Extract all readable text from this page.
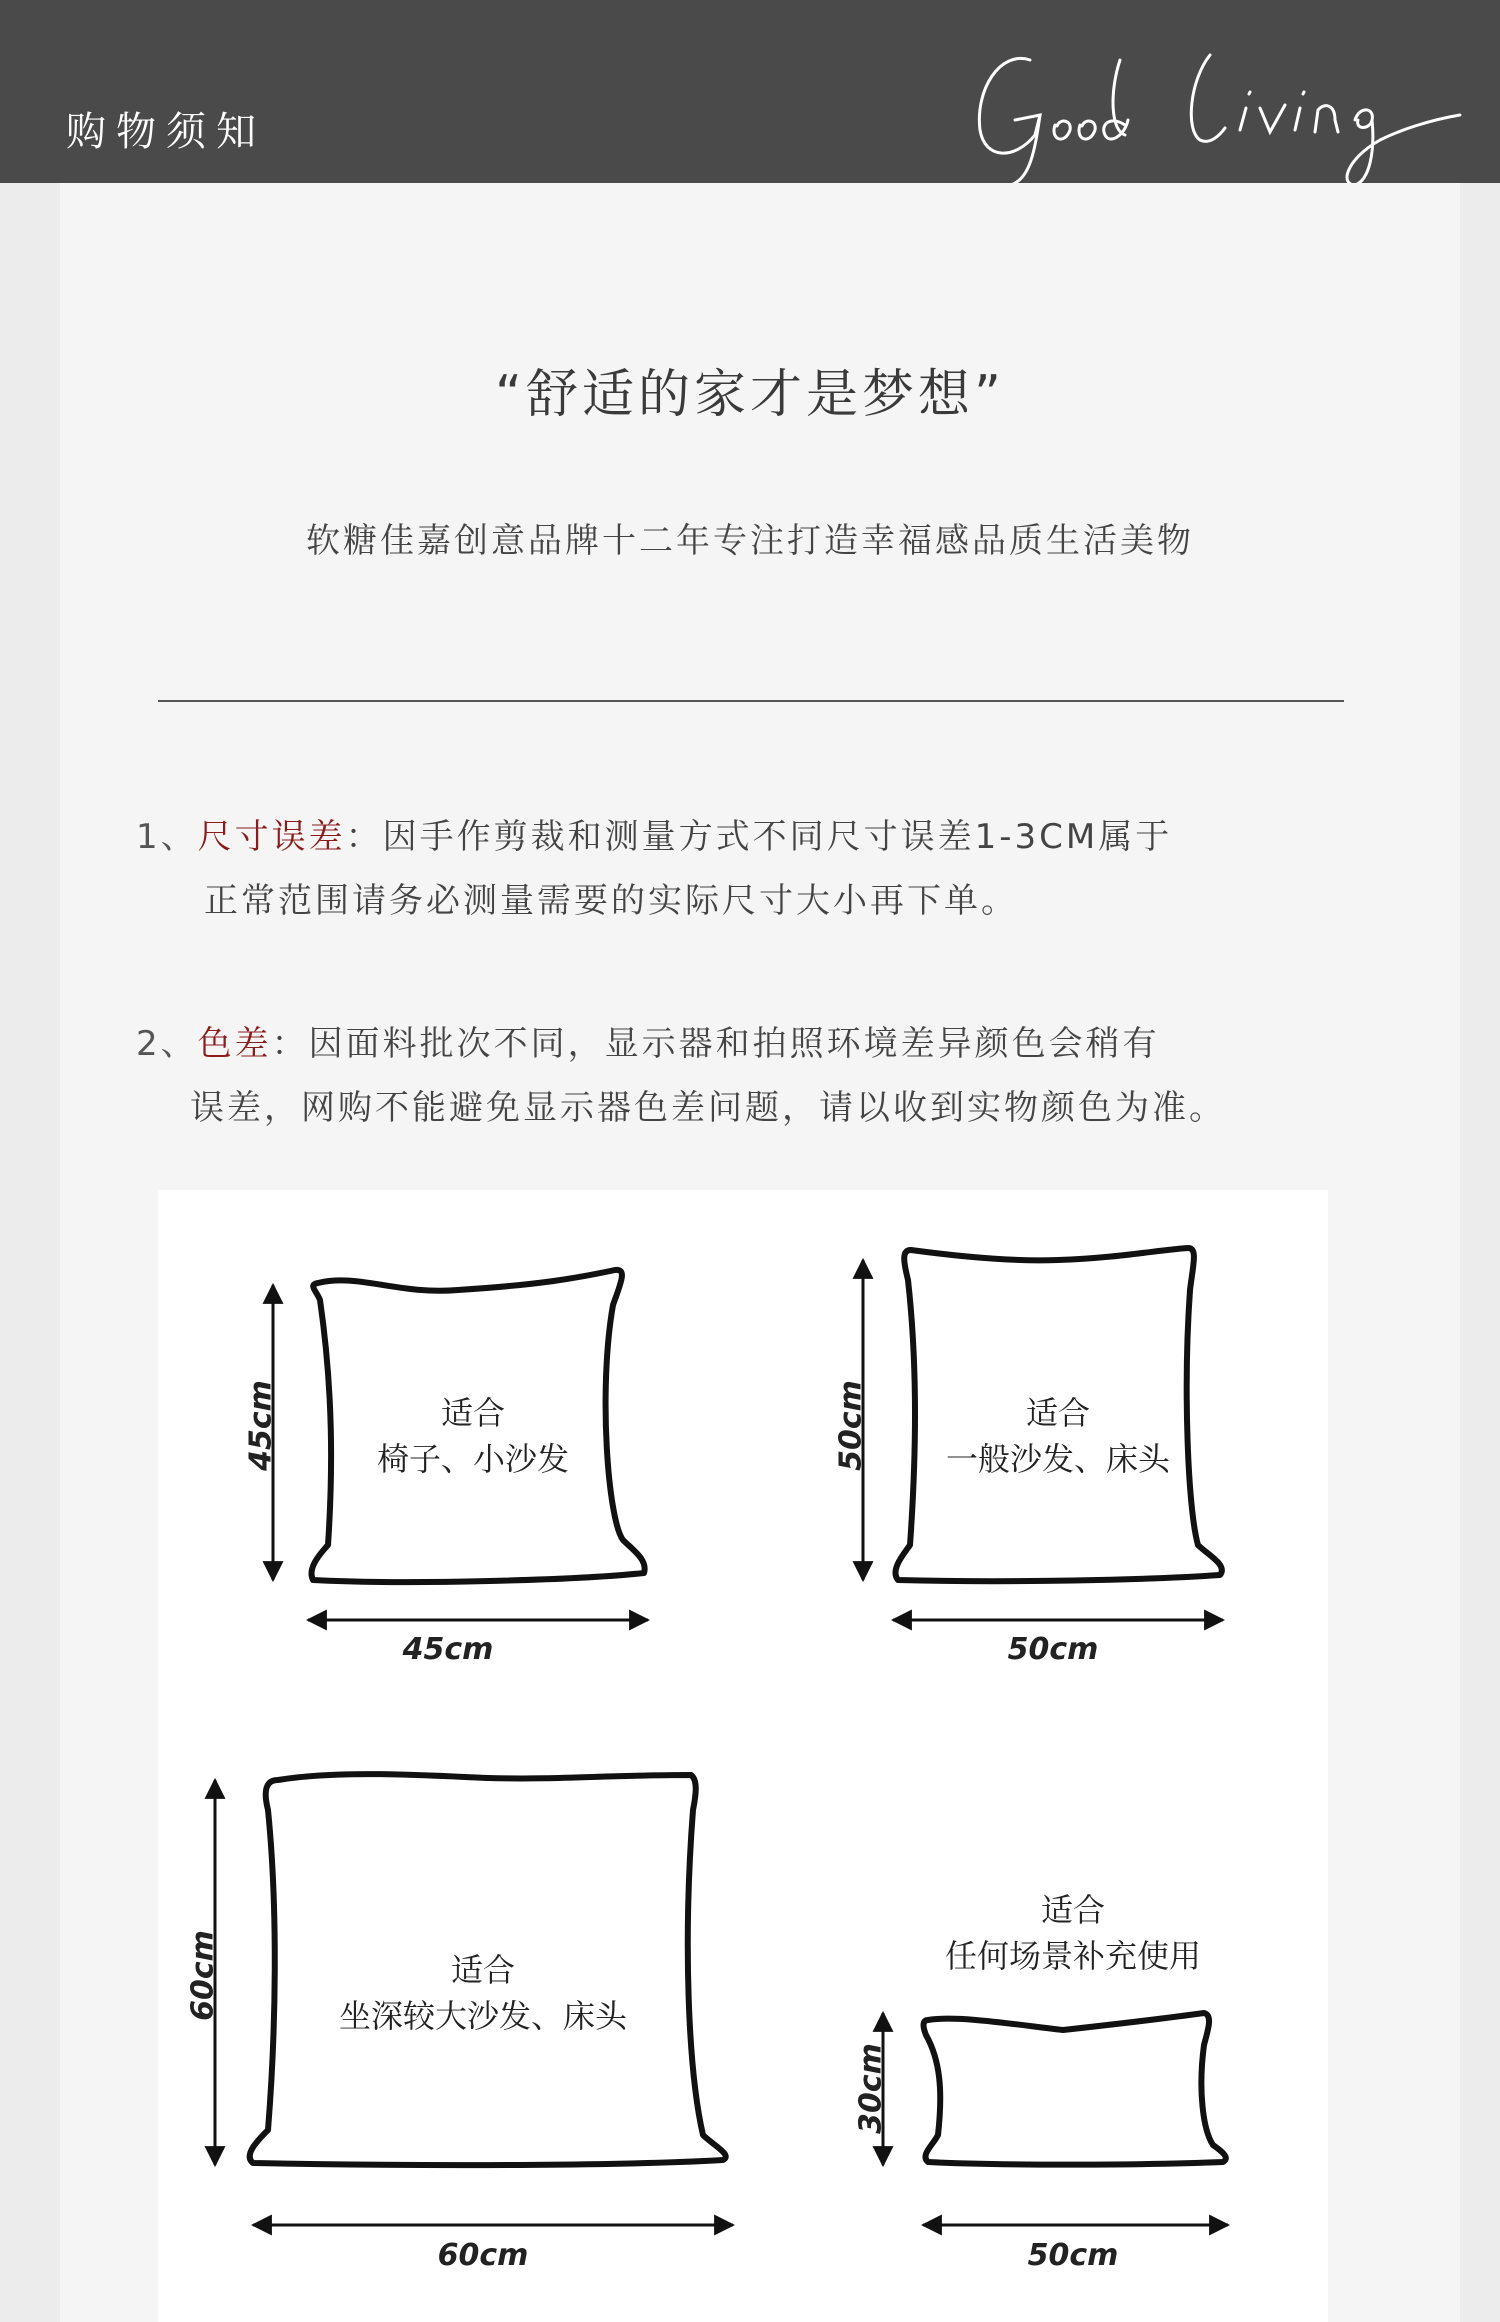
购物须知
“舒适的家才是梦想”
软糖佳嘉创意品牌十二年专注打造幸福感品质生活美物
1、尺寸误差：因手作剪裁和测量方式不同尺寸误差1-3CM属于
正常范围请务必测量需要的实际尺寸大小再下单。
2、色差：因面料批次不同，显示器和拍照环境差异颜色会稍有
误差，网购不能避免显示器色差问题，请以收到实物颜色为准。
适合
椅子、小沙发
45cm
45cm
适合
一般沙发、床头
50cm
50cm
适合
坐深较大沙发、床头
60cm
60cm
适合
任何场景补充使用
30cm
50cm
